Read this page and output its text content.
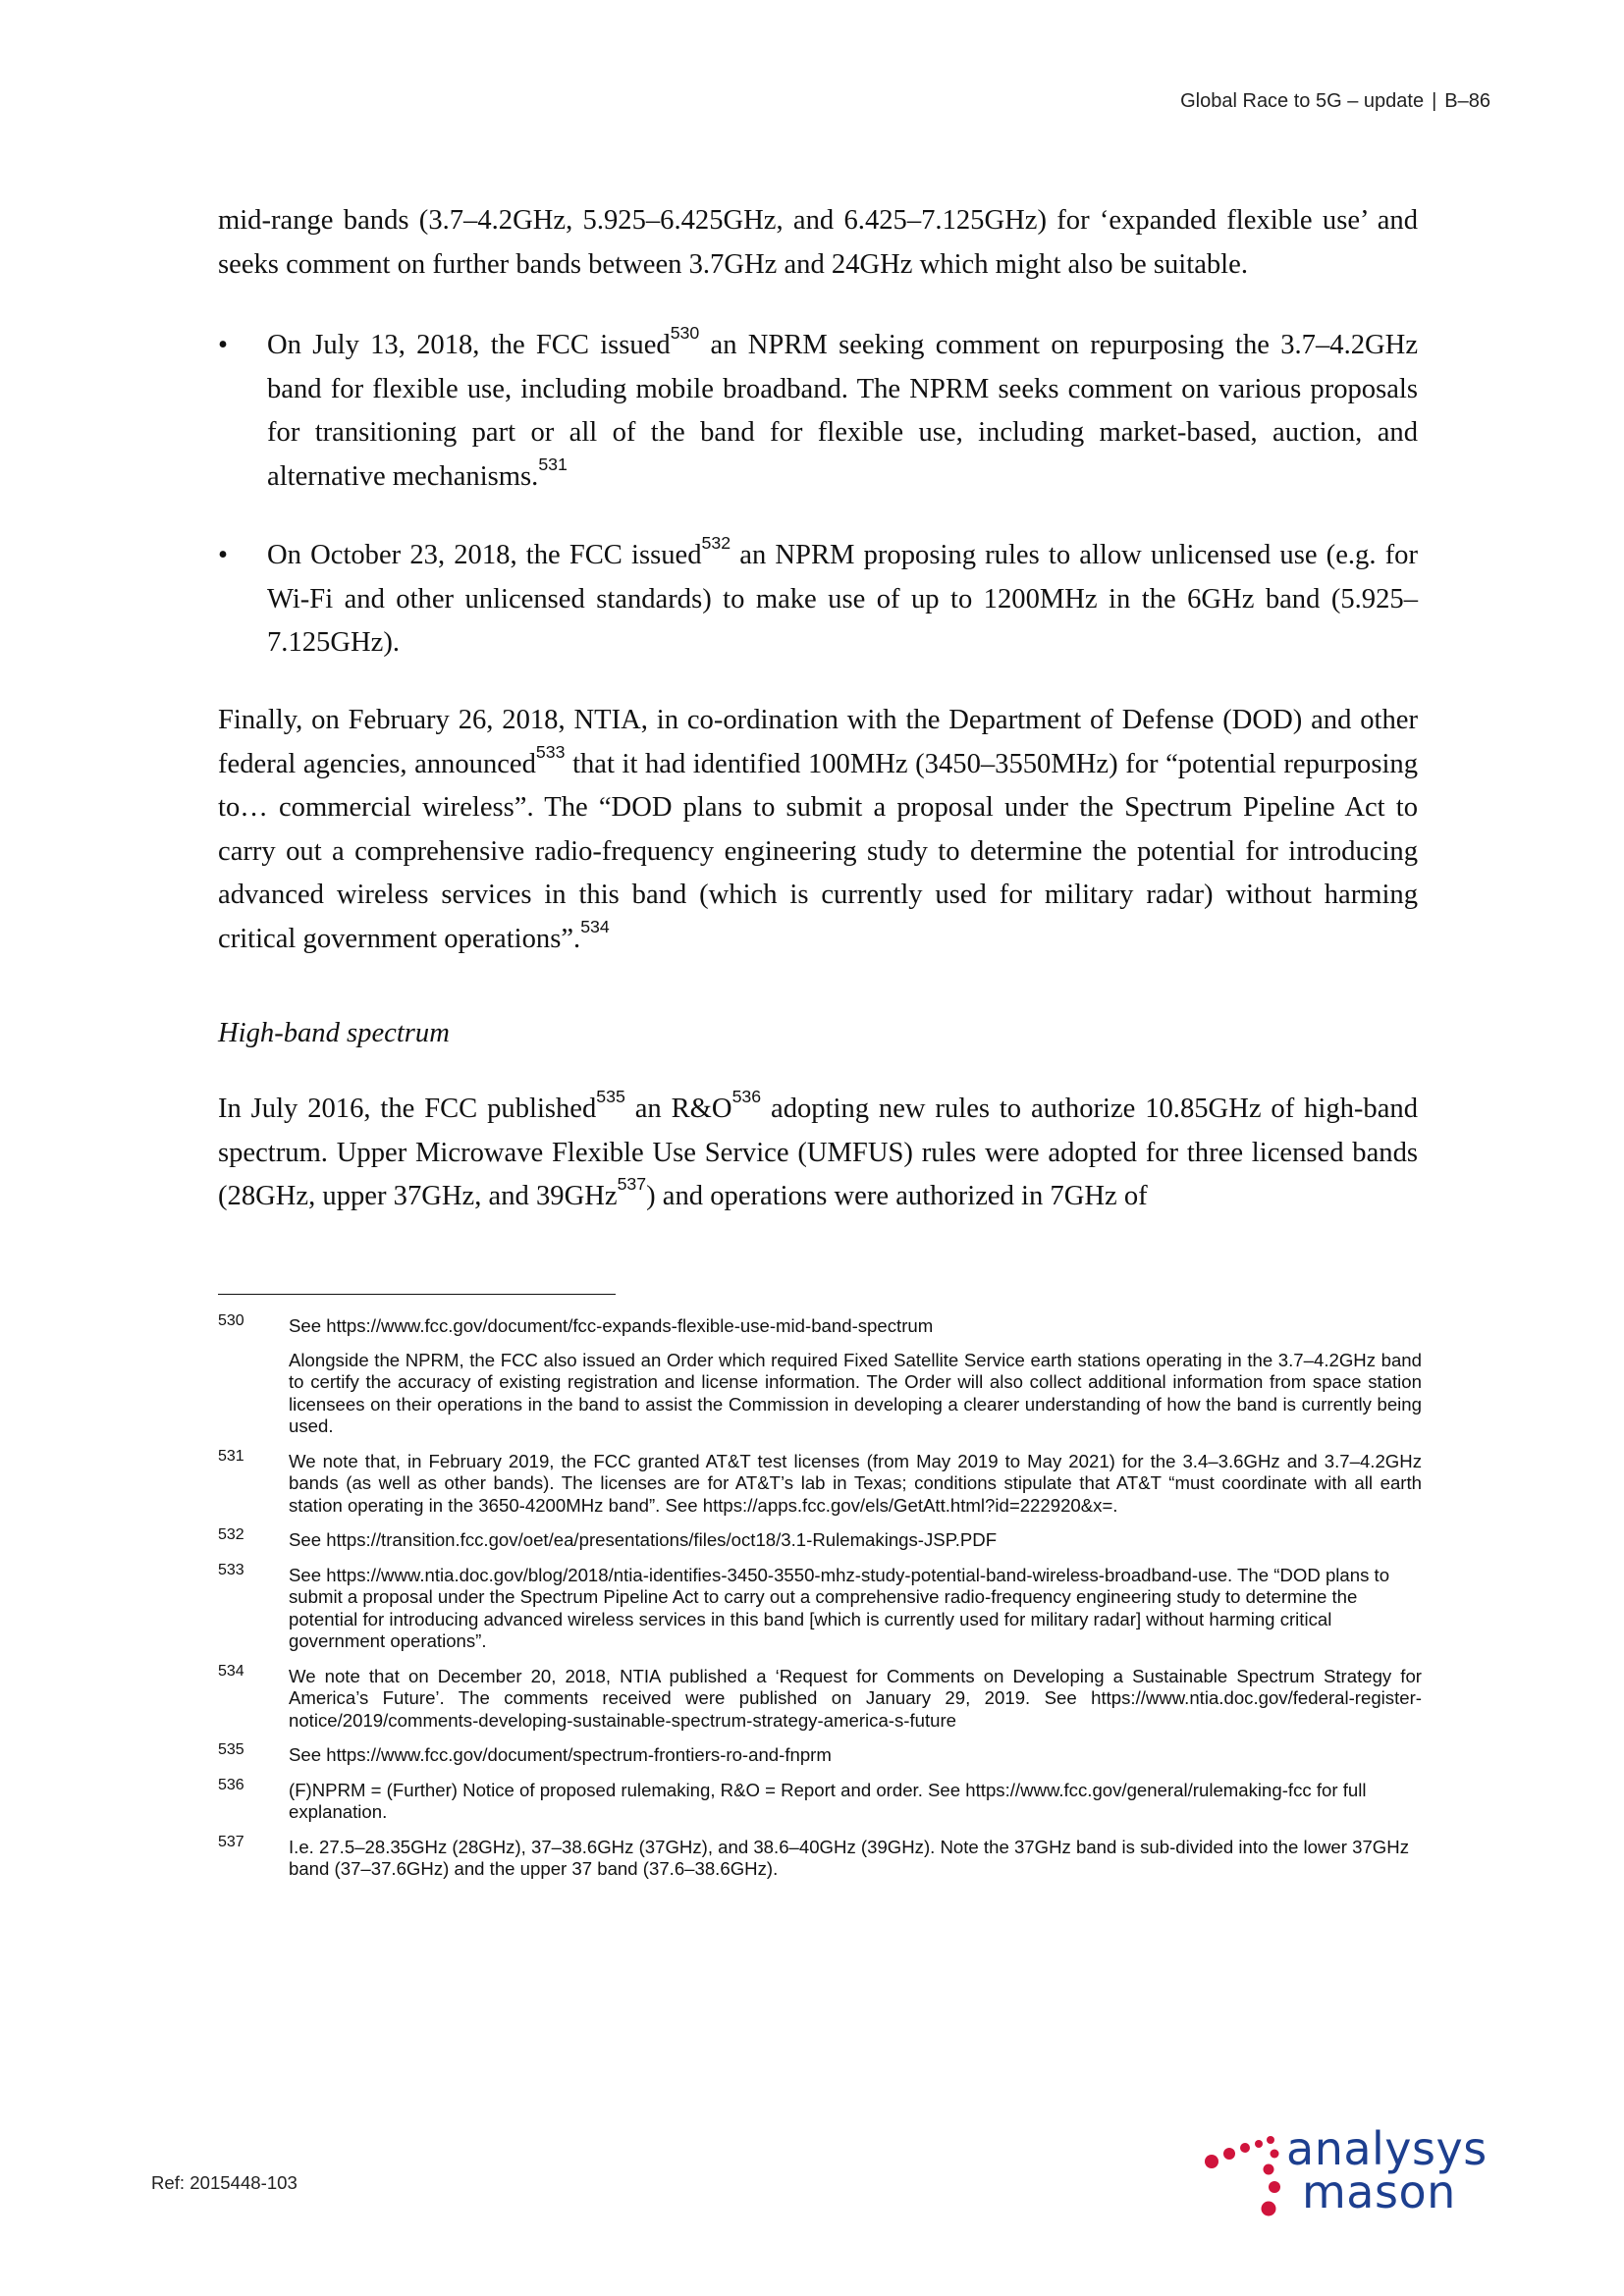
Global Race to 5G – update | B–86

mid-range bands (3.7–4.2GHz, 5.925–6.425GHz, and 6.425–7.125GHz) for ‘expanded flexible use’ and seeks comment on further bands between 3.7GHz and 24GHz which might also be suitable.

• On July 13, 2018, the FCC issued$^{530}$ an NPRM seeking comment on repurposing the 3.7–4.2GHz band for flexible use, including mobile broadband. The NPRM seeks comment on various proposals for transitioning part or all of the band for flexible use, including market-based, auction, and alternative mechanisms.$^{531}$

• On October 23, 2018, the FCC issued$^{532}$ an NPRM proposing rules to allow unlicensed use (e.g. for Wi-Fi and other unlicensed standards) to make use of up to 1200MHz in the 6GHz band (5.925–7.125GHz).

Finally, on February 26, 2018, NTIA, in co-ordination with the Department of Defense (DOD) and other federal agencies, announced$^{533}$ that it had identified 100MHz (3450–3550MHz) for “potential repurposing to… commercial wireless”. The “DOD plans to submit a proposal under the Spectrum Pipeline Act to carry out a comprehensive radio-frequency engineering study to determine the potential for introducing advanced wireless services in this band (which is currently used for military radar) without harming critical government operations”.$^{534}$

High-band spectrum

In July 2016, the FCC published$^{535}$ an $R\&O^{536}$ adopting new rules to authorize 10.85GHz of high-band spectrum. Upper Microwave Flexible Use Service (UMFUS) rules were adopted for three licensed bands (28GHz, upper 37GHz, and 39GHz$^{537}$) and operations were authorized in 7GHz of

530 See https://www.fcc.gov/document/fcc-expands-flexible-use-mid-band-spectrum

Alongside the NPRM, the FCC also issued an Order which required Fixed Satellite Service earth stations operating in the 3.7–4.2GHz band to certify the accuracy of existing registration and license information. The Order will also collect additional information from space station licensees on their operations in the band to assist the Commission in developing a clearer understanding of how the band is currently being used.

531 We note that, in February 2019, the FCC granted AT&T test licenses (from May 2019 to May 2021) for the 3.4–3.6GHz and 3.7–4.2GHz bands (as well as other bands). The licenses are for AT&T’s lab in Texas; conditions stipulate that AT&T “must coordinate with all earth station operating in the 3650-4200MHz band”. See https://apps.fcc.gov/els/GetAtt.html?id=222920&x=.

532 See https://transition.fcc.gov/oet/ea/presentations/files/oct18/3.1-Rulemakings-JSP.PDF

533 See https://www.ntia.doc.gov/blog/2018/ntia-identifies-3450-3550-mhz-study-potential-band-wireless-broadband-use. The “DOD plans to submit a proposal under the Spectrum Pipeline Act to carry out a comprehensive radio-frequency engineering study to determine the potential for introducing advanced wireless services in this band [which is currently used for military radar] without harming critical government operations”.

534 We note that on December 20, 2018, NTIA published a ‘Request for Comments on Developing a Sustainable Spectrum Strategy for America’s Future’. The comments received were published on January 29, 2019. See https://www.ntia.doc.gov/federal-register-notice/2019/comments-developing-sustainable-spectrum-strategy-america-s-future

535 See https://www.fcc.gov/document/spectrum-frontiers-ro-and-fnprm

536 (F)NPRM = (Further) Notice of proposed rulemaking, R&O = Report and order. See https://www.fcc.gov/general/rulemaking-fcc for full explanation.

537 I.e. 27.5–28.35GHz (28GHz), 37–38.6GHz (37GHz), and 38.6–40GHz (39GHz). Note the 37GHz band is sub-divided into the lower 37GHz band (37–37.6GHz) and the upper 37 band (37.6–38.6GHz).

Ref: 2015448-103
analysys
mason
